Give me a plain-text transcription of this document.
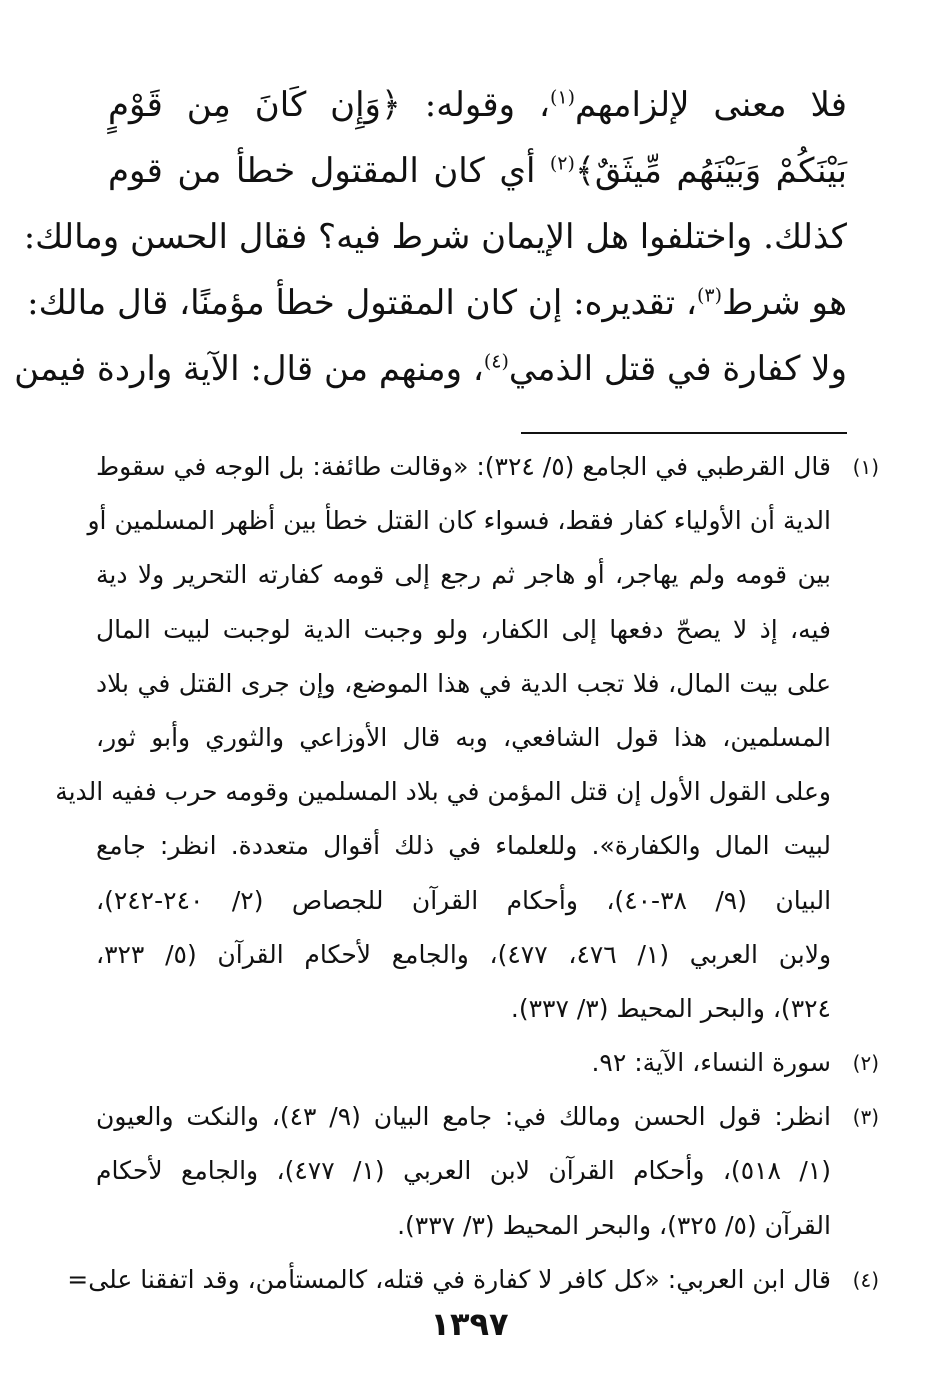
فلا معنى لإلزامهم$^{(١)}$، وقوله: ﴿وَإِن كَانَ مِن قَوْمٍ
بَيْنَكُمْ وَبَيْنَهُم مِّيثَقٌ﴾$^{(٢)}$ أي كان المقتول خطأ من قوم
كذلك. واختلفوا هل الإيمان شرط فيه؟ فقال الحسن ومالك:
هو شرط$^{(٣)}$، تقديره: إن كان المقتول خطأ مؤمنًا، قال مالك:
ولا كفارة في قتل الذمي$^{(٤)}$، ومنهم من قال: الآية واردة فيمن
(١)
قال القرطبي في الجامع (٥/ ٣٢٤): «وقالت طائفة: بل الوجه في سقوط
الدية أن الأولياء كفار فقط، فسواء كان القتل خطأ بين أظهر المسلمين أو
بين قومه ولم يهاجر، أو هاجر ثم رجع إلى قومه كفارته التحرير ولا دية
فيه، إذ لا يصحّ دفعها إلى الكفار، ولو وجبت الدية لوجبت لبيت المال
على بيت المال، فلا تجب الدية في هذا الموضع، وإن جرى القتل في بلاد
المسلمين، هذا قول الشافعي، وبه قال الأوزاعي والثوري وأبو ثور،
وعلى القول الأول إن قتل المؤمن في بلاد المسلمين وقومه حرب ففيه الدية
لبيت المال والكفارة». وللعلماء في ذلك أقوال متعددة. انظر: جامع
البيان (٩/ ٣٨-٤٠)، وأحكام القرآن للجصاص (٢/ ٢٤٠-٢٤٢)،
ولابن العربي (١/ ٤٧٦، ٤٧٧)، والجامع لأحكام القرآن (٥/ ٣٢٣،
٣٢٤)، والبحر المحيط (٣/ ٣٣٧).
(٢)
سورة النساء، الآية: ٩٢.
(٣)
انظر: قول الحسن ومالك في: جامع البيان (٩/ ٤٣)، والنكت والعيون
(١/ ٥١٨)، وأحكام القرآن لابن العربي (١/ ٤٧٧)، والجامع لأحكام
القرآن (٥/ ٣٢٥)، والبحر المحيط (٣/ ٣٣٧).
(٤)
قال ابن العربي: «كل كافر لا كفارة في قتله، كالمستأمن، وقد اتفقنا على=
١٣٩٧
